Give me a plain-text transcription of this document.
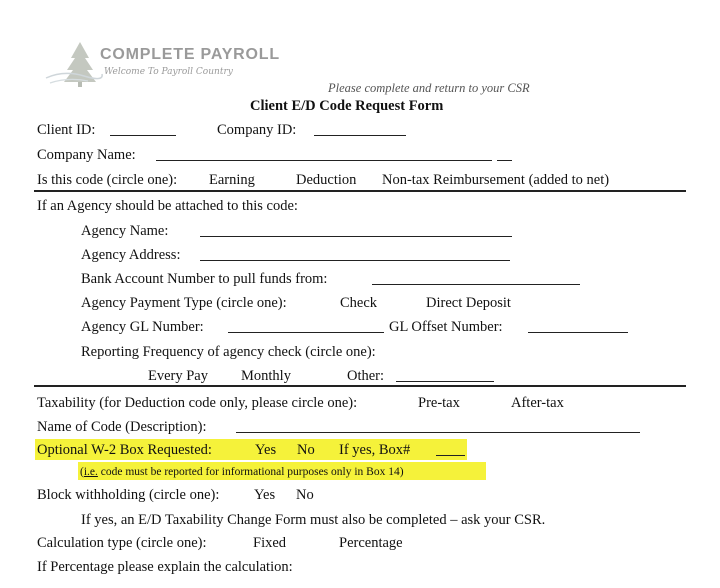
COMPLETE PAYROLL
Welcome To Payroll Country
Please complete and return to your CSR
Client E/D Code Request Form
Client ID:	Company ID:
Company Name:
Is this code (circle one): Earning	Deduction Non-tax Reimbursement (added to net)
If an Agency should be attached to this code:
Agency Name:
Agency Address:
Bank Account Number to pull funds from:
Agency Payment Type (circle one):	Check	Direct Deposit
Agency GL Number:	GL Offset Number:
Reporting Frequency of agency check (circle one):
Every Pay Monthly	Other:
Taxability (for Deduction code only, please circle one):	Pre-tax	After-tax
Name of Code (Description):
Optional W-2 Box Requested:	Yes No If yes, Box#
(i.e. code must be reported for informational purposes only in Box 14)
Block withholding (circle one): Yes No
If yes, an E/D Taxability Change Form must also be completed – ask your CSR.
Calculation type (circle one):	Fixed	Percentage
If Percentage please explain the calculation:
